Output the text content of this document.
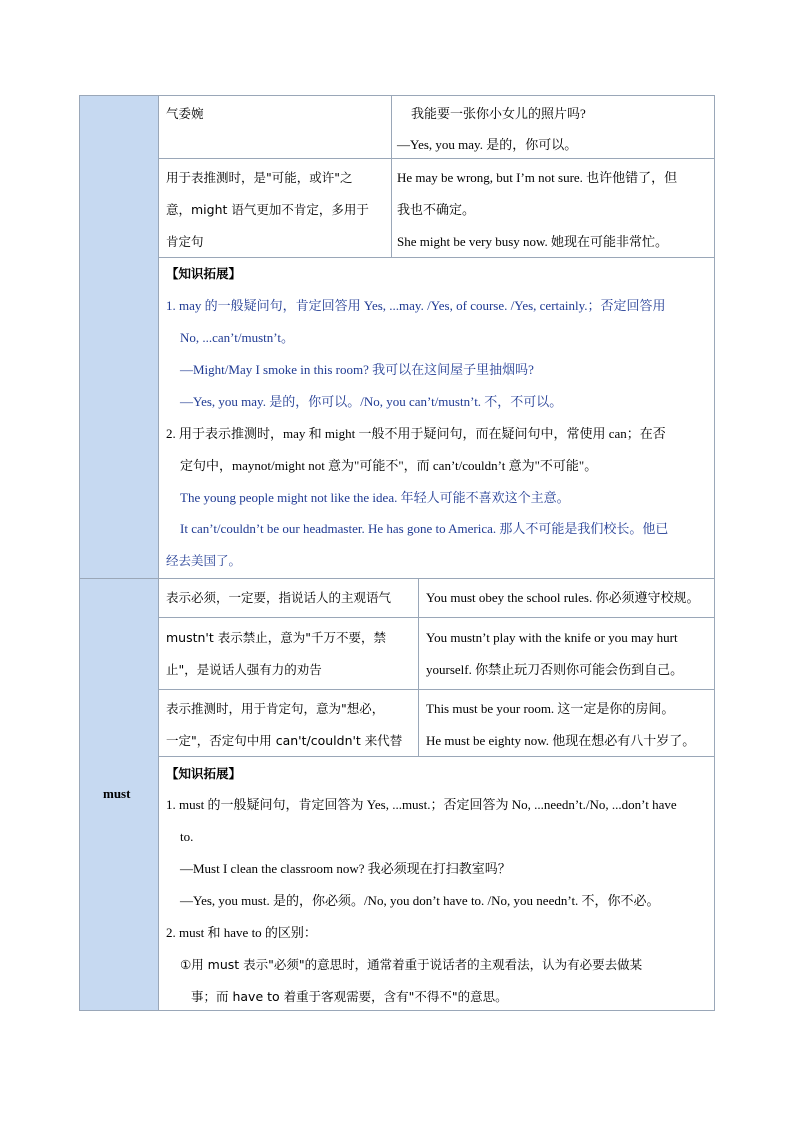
must
气委婉	我能要一张你小女儿的照片吗?
—Yes, you may. 是的，你可以。
用于表推测时，是"可能，或许"之
意，might 语气更加不肯定，多用于
肯定句
He may be wrong, but I’m not sure. 也许他错了，但
我也不确定。
She might be very busy now. 她现在可能非常忙。
【知识拓展】
1. may 的一般疑问句，肯定回答用 Yes, ...may. /Yes, of course. /Yes, certainly.；否定回答用
No, ...can’t/mustn’t。
—Might/May I smoke in this room? 我可以在这间屋子里抽烟吗?
—Yes, you may. 是的，你可以。/No, you can’t/mustn’t. 不，不可以。
2. 用于表示推测时，may 和 might 一般不用于疑问句，而在疑问句中，常使用 can；在否
定句中，maynot/might not 意为"可能不"，而 can’t/couldn’t 意为"不可能"。
The young people might not like the idea. 年轻人可能不喜欢这个主意。
It can’t/couldn’t be our headmaster. He has gone to America. 那人不可能是我们校长。他已
经去美国了。
表示必须，一定要，指说话人的主观语气	You must obey the school rules. 你必须遵守校规。
mustn't 表示禁止，意为"千万不要，禁
止"，是说话人强有力的劝告
You mustn’t play with the knife or you may hurt
yourself. 你禁止玩刀否则你可能会伤到自己。
表示推测时，用于肯定句，意为"想必，
一定"，否定句中用 can't/couldn't 来代替
This must be your room. 这一定是你的房间。
He must be eighty now. 他现在想必有八十岁了。
【知识拓展】
1. must 的一般疑问句，肯定回答为 Yes, ...must.；否定回答为 No, ...needn’t./No, ...don’t have
to.
—Must I clean the classroom now? 我必须现在打扫教室吗？
—Yes, you must. 是的，你必须。/No, you don’t have to. /No, you needn’t. 不，你不必。
2. must 和 have to 的区别：
①用 must 表示"必须"的意思时，通常着重于说话者的主观看法，认为有必要去做某
事；而 have to 着重于客观需要，含有"不得不"的意思。
